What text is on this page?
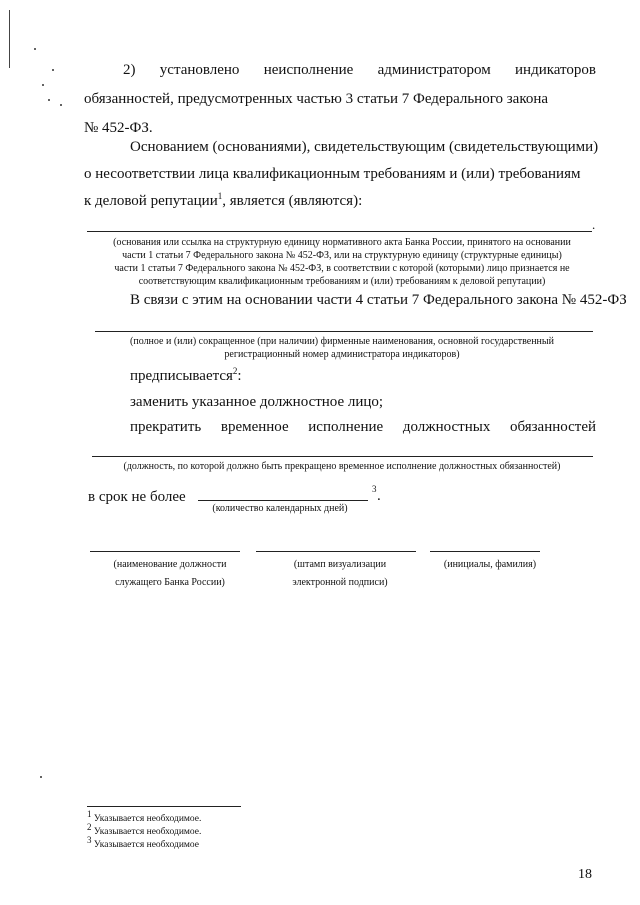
2) установлено неисполнение администратором индикаторов
обязанностей, предусмотренных частью 3 статьи 7 Федерального закона
№ 452-ФЗ.
Основанием (основаниями), свидетельствующим (свидетельствующими)
о несоответствии лица квалификационным требованиям и (или) требованиям
к деловой репутации$^1$, является (являются):
.
(основания или ссылка на структурную единицу нормативного акта Банка России, принятого на основании
части 1 статьи 7 Федерального закона № 452-ФЗ, или на структурную единицу (структурные единицы)
части 1 статьи 7 Федерального закона № 452-ФЗ, в соответствии с которой (которыми) лицо признается не
соответствующим квалификационным требованиям и (или) требованиям к деловой репутации)
В связи с этим на основании части 4 статьи 7 Федерального закона № 452-ФЗ
(полное и (или) сокращенное (при наличии) фирменные наименования, основной государственный
регистрационный номер администратора индикаторов)
предписывается$^2$:
заменить указанное должностное лицо;
прекратить временное исполнение должностных обязанностей
(должность, по которой должно быть прекращено временное исполнение должностных обязанностей)
в срок не более	3 .
(количество календарных дней)
(наименование должности
служащего Банка России)
(штамп визуализации
электронной подписи)
(инициалы, фамилия)
$^1$ Указывается необходимое.
$^2$ Указывается необходимое.
$^3$ Указывается необходимое
18
